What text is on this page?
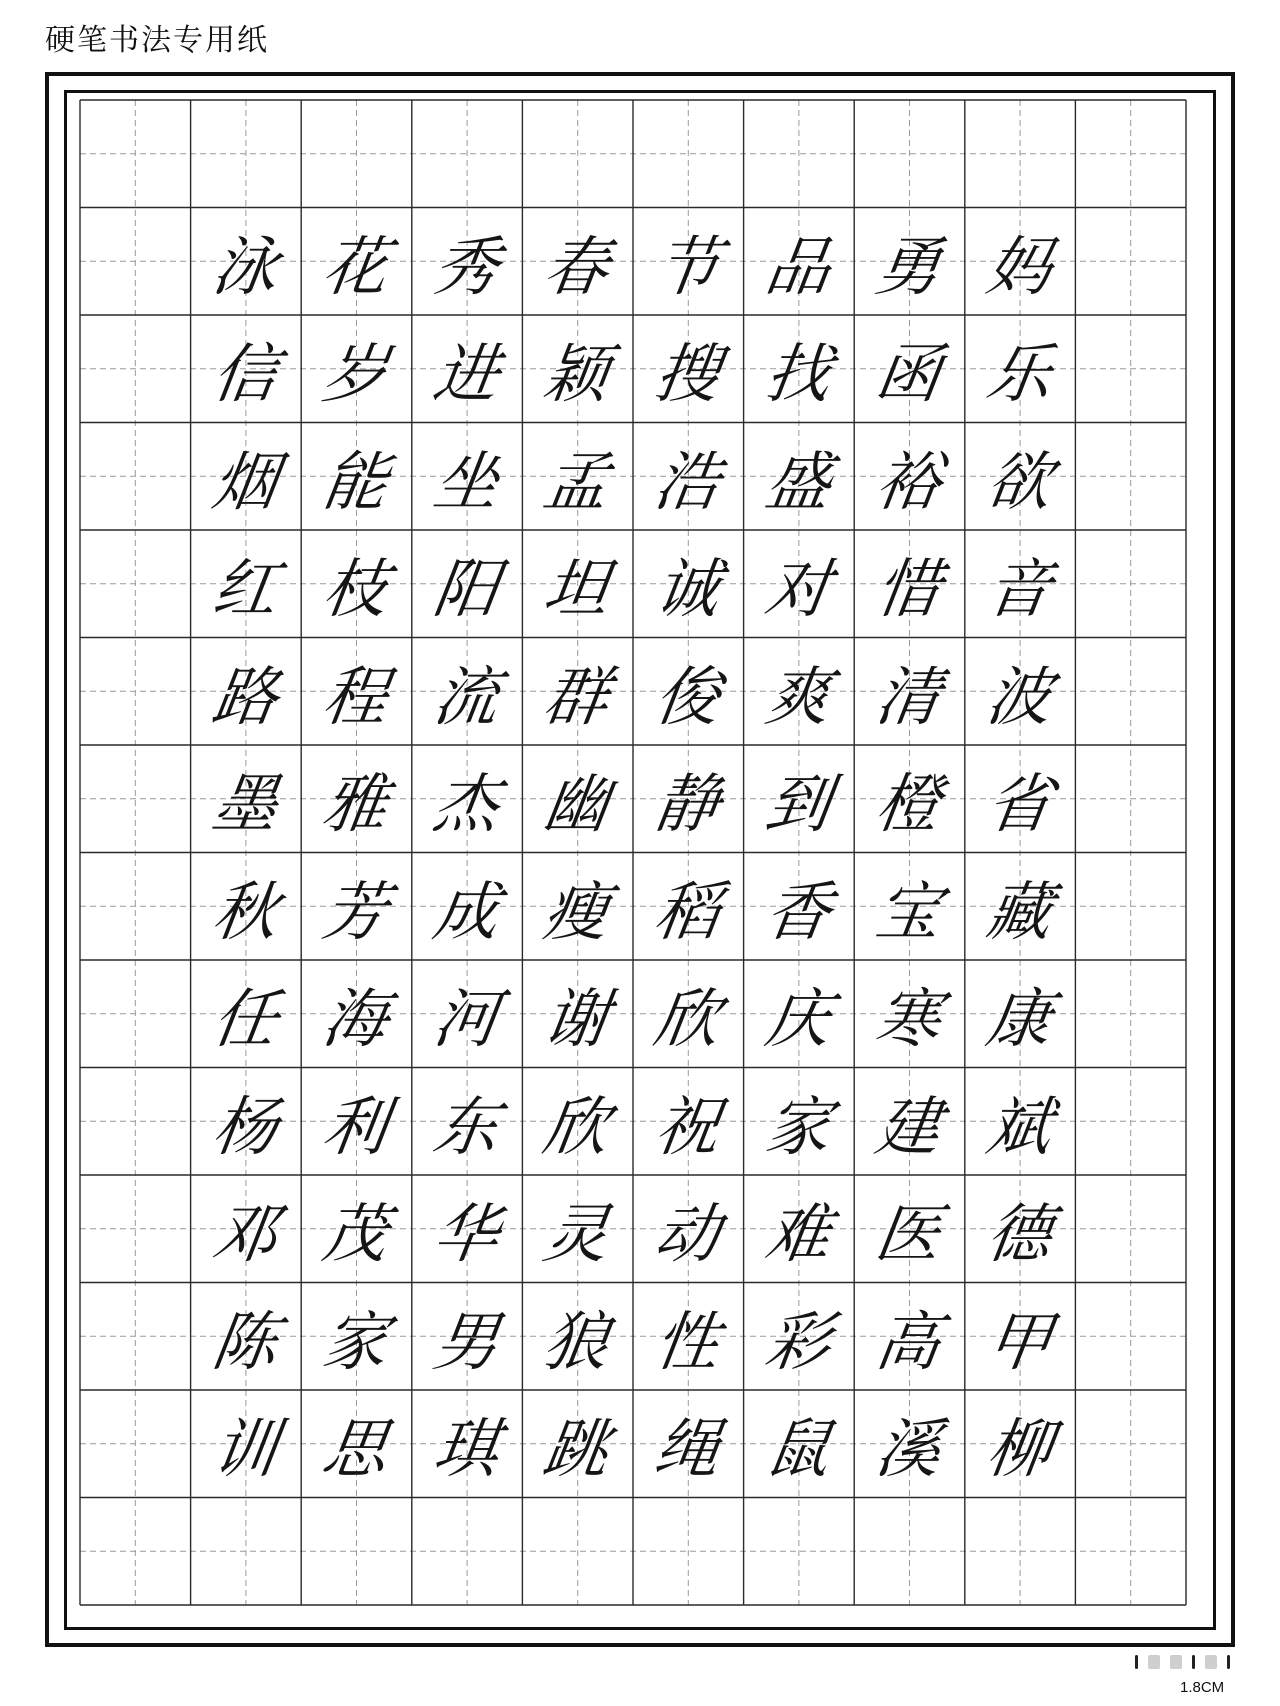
硬笔书法专用纸
泳
信
烟
红
路
墨
秋
任
杨
邓
陈
训
花
岁
能
枝
程
雅
芳
海
利
茂
家
思
秀
进
坐
阳
流
杰
成
河
东
华
男
琪
春
颖
孟
坦
群
幽
瘦
谢
欣
灵
狼
跳
节
搜
浩
诚
俊
静
稻
欣
祝
动
性
绳
品
找
盛
对
爽
到
香
庆
家
难
彩
鼠
勇
函
裕
惜
清
橙
宝
寒
建
医
高
溪
妈
乐
欲
音
波
省
藏
康
斌
德
甲
柳
1.8CM
